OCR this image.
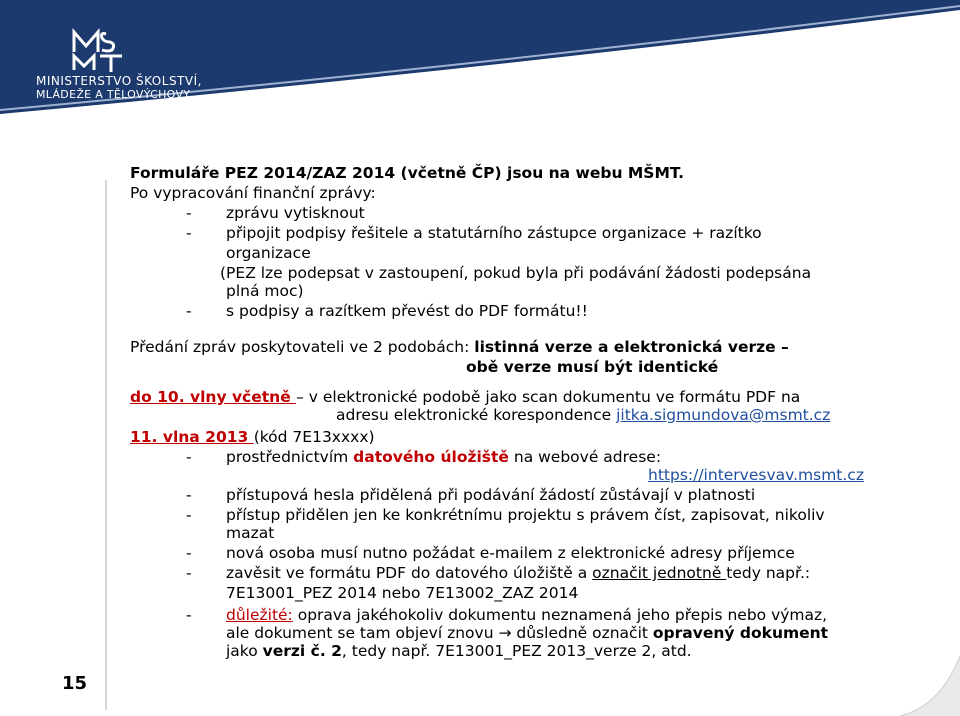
MINISTERSTVO ŠKOLSTVÍ,
MLÁDEŽE A TĚLOVÝCHOVY
15
Formuláře PEZ 2014/ZAZ 2014 (včetně ČP) jsou na webu MŠMT.
Po vypracování finanční zprávy:
- zprávu vytisknout
- připojit podpisy řešitele a statutárního zástupce organizace + razítko
organizace
(PEZ lze podepsat v zastoupení, pokud byla při podávání žádosti podepsána
plná moc)
- s podpisy a razítkem převést do PDF formátu!!
Předání zpráv poskytovateli ve 2 podobách: listinná verze a elektronická verze –
obě verze musí být identické
do 10. vlny včetně – v elektronické podobě jako scan dokumentu ve formátu PDF na
adresu elektronické korespondence jitka.sigmundova@msmt.cz
11. vlna 2013 (kód 7E13xxxx)
- prostřednictvím datového úložiště na webové adrese:
https://intervesvav.msmt.cz
- přístupová hesla přidělená při podávání žádostí zůstávají v platnosti
- přístup přidělen jen ke konkrétnímu projektu s právem číst, zapisovat, nikoliv
mazat
- nová osoba musí nutno požádat e-mailem z elektronické adresy příjemce
- zavěsit ve formátu PDF do datového úložiště a označit jednotně tedy např.:
7E13001_PEZ 2014 nebo 7E13002_ZAZ 2014
- důležité: oprava jakéhokoliv dokumentu neznamená jeho přepis nebo výmaz,
ale dokument se tam objeví znovu → důsledně označit opravený dokument
jako verzi č. 2, tedy např. 7E13001_PEZ 2013_verze 2, atd.
